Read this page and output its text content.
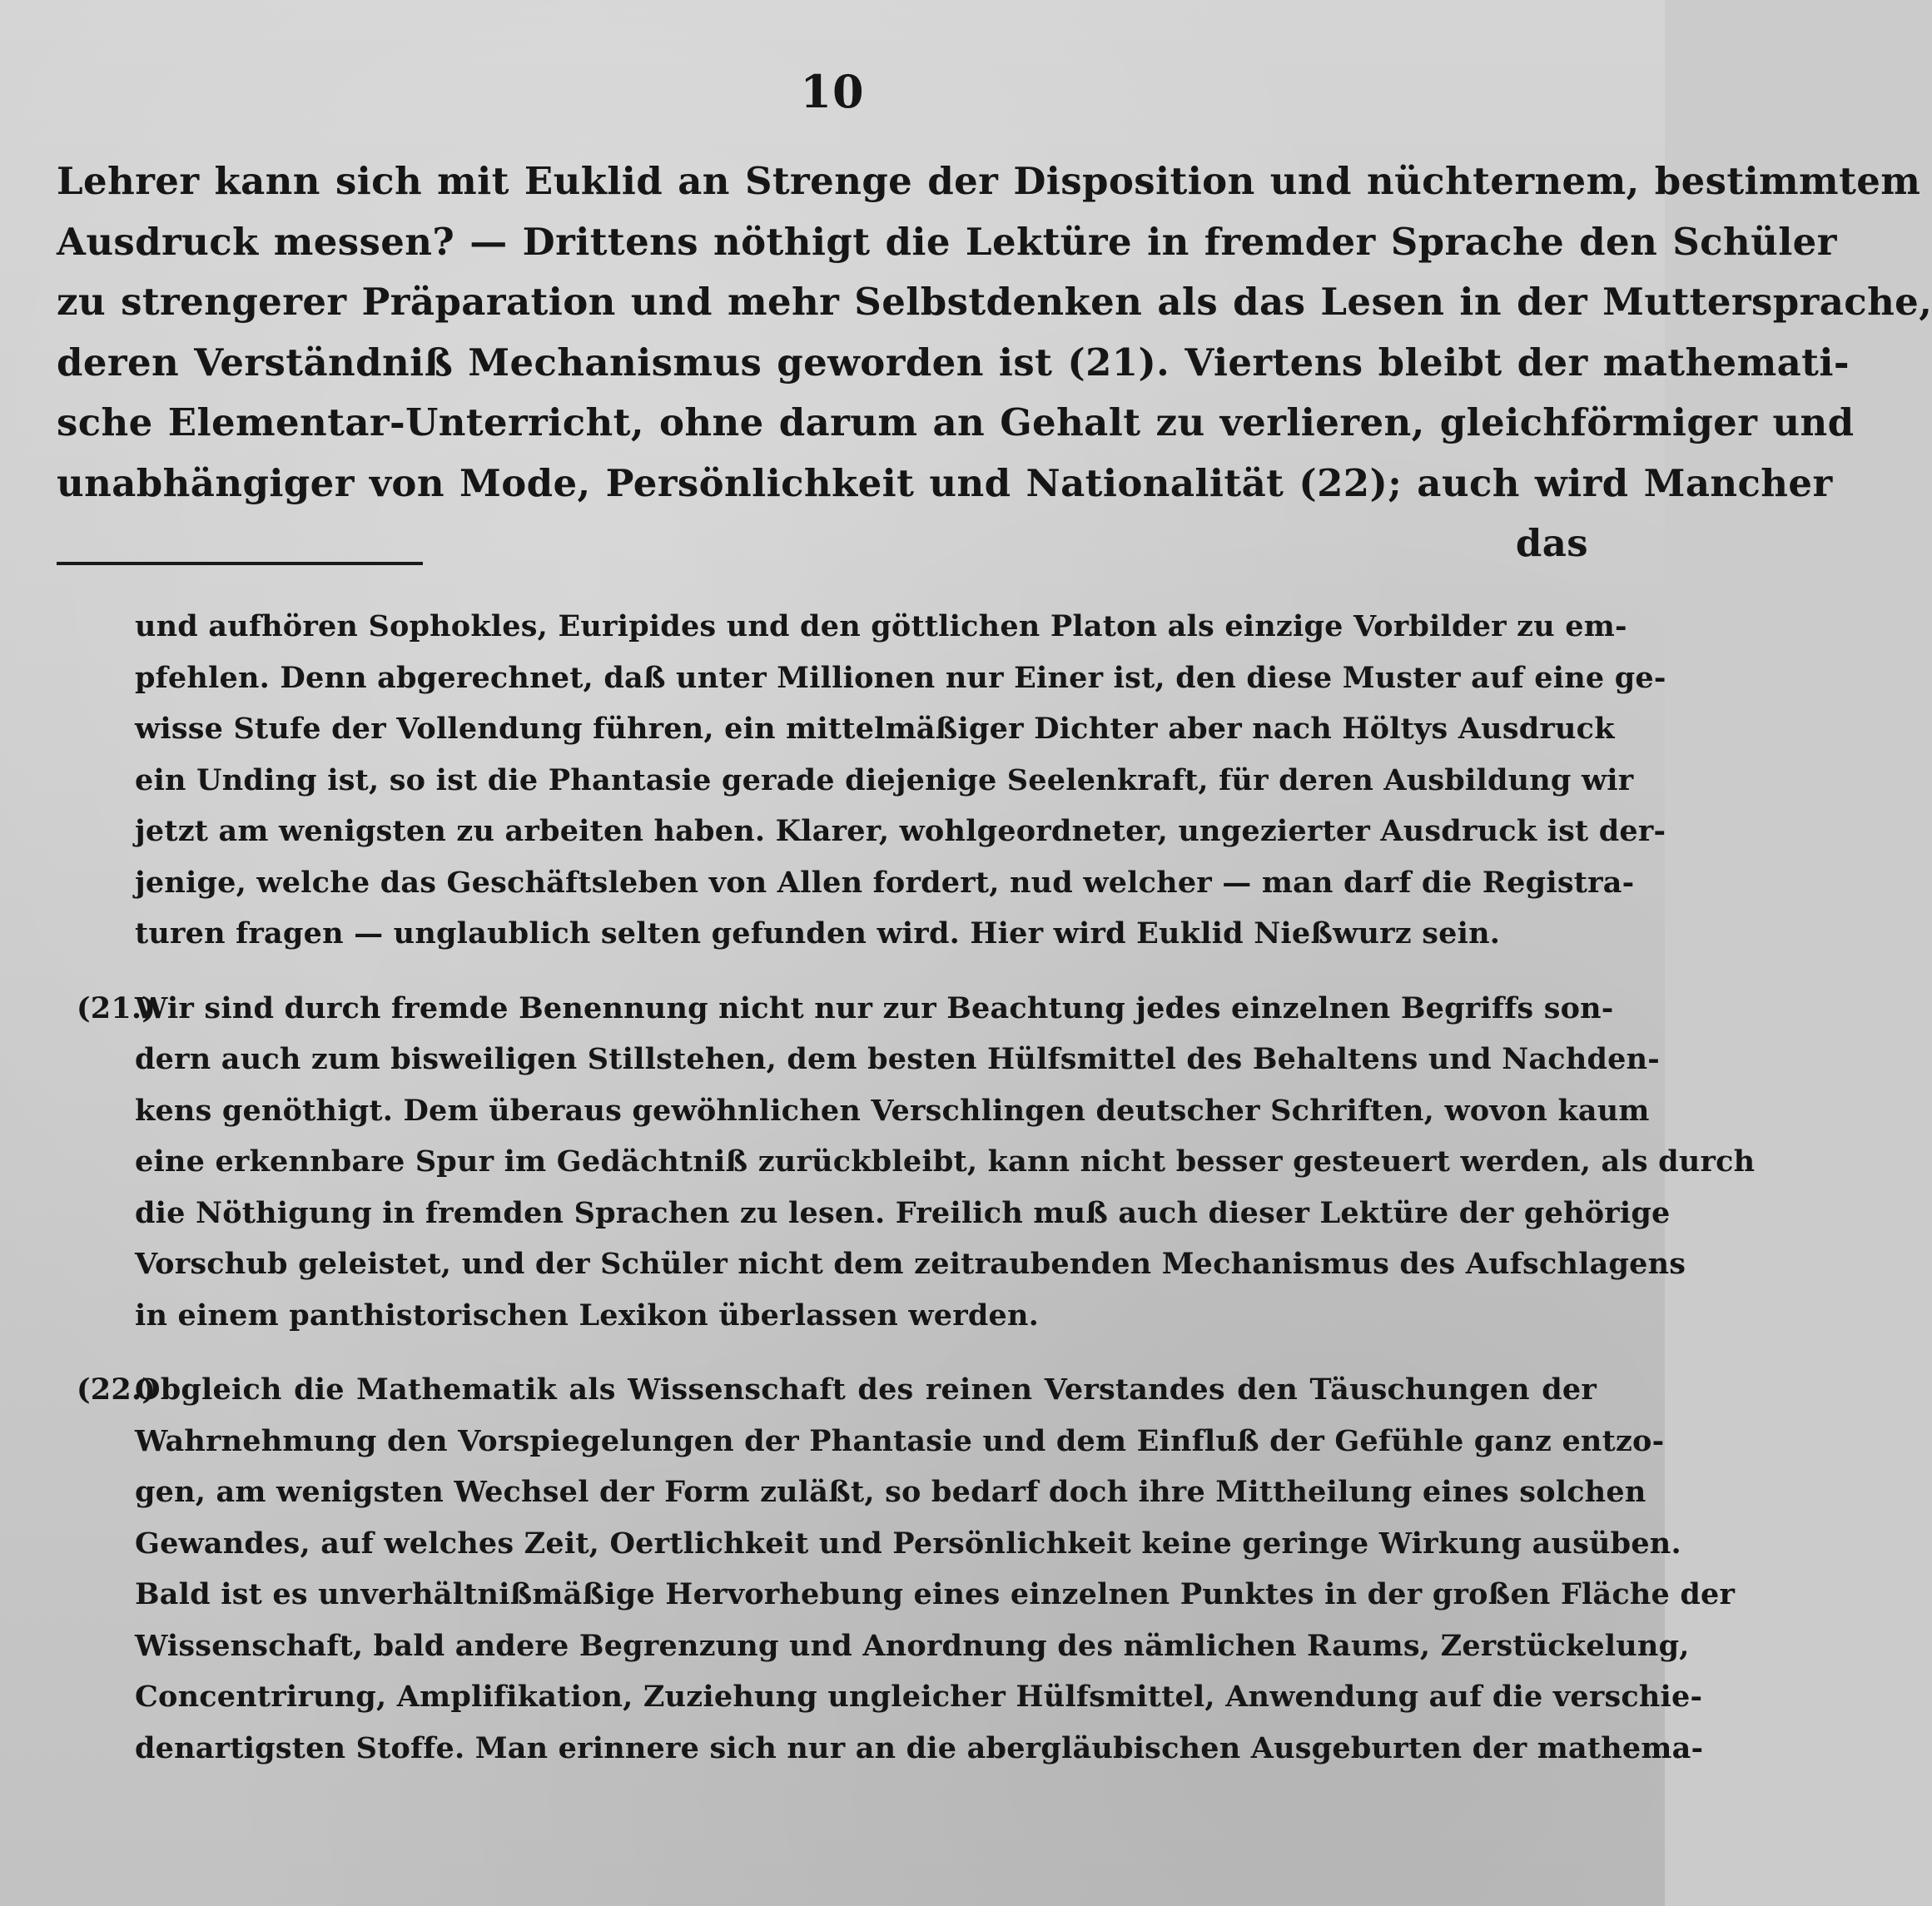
10
Lehrer kann sich mit Euklid an Strenge der Disposition und nüchternem, bestimmtem
Ausdruck messen? — Drittens nöthigt die Lektüre in fremder Sprache den Schüler
zu strengerer Präparation und mehr Selbstdenken als das Lesen in der Muttersprache,
deren Verständniß Mechanismus geworden ist (21). Viertens bleibt der mathemati-
sche Elementar-Unterricht, ohne darum an Gehalt zu verlieren, gleichförmiger und
unabhängiger von Mode, Persönlichkeit und Nationalität (22); auch wird Mancher
das
und aufhören Sophokles, Euripides und den göttlichen Platon als einzige Vorbilder zu em-
pfehlen. Denn abgerechnet, daß unter Millionen nur Einer ist, den diese Muster auf eine ge-
wisse Stufe der Vollendung führen, ein mittelmäßiger Dichter aber nach Höltys Ausdruck
ein Unding ist, so ist die Phantasie gerade diejenige Seelenkraft, für deren Ausbildung wir
jetzt am wenigsten zu arbeiten haben. Klarer, wohlgeordneter, ungezierter Ausdruck ist der-
jenige, welche das Geschäftsleben von Allen fordert, nud welcher — man darf die Registra-
turen fragen — unglaublich selten gefunden wird. Hier wird Euklid Nießwurz sein.
(21.)Wir sind durch fremde Benennung nicht nur zur Beachtung jedes einzelnen Begriffs son-
dern auch zum bisweiligen Stillstehen, dem besten Hülfsmittel des Behaltens und Nachden-
kens genöthigt. Dem überaus gewöhnlichen Verschlingen deutscher Schriften, wovon kaum
eine erkennbare Spur im Gedächtniß zurückbleibt, kann nicht besser gesteuert werden, als durch
die Nöthigung in fremden Sprachen zu lesen. Freilich muß auch dieser Lektüre der gehörige
Vorschub geleistet, und der Schüler nicht dem zeitraubenden Mechanismus des Aufschlagens
in einem panthistorischen Lexikon überlassen werden.
(22.)Obgleich die Mathematik als Wissenschaft des reinen Verstandes den Täuschungen der
Wahrnehmung den Vorspiegelungen der Phantasie und dem Einfluß der Gefühle ganz entzo-
gen, am wenigsten Wechsel der Form zuläßt, so bedarf doch ihre Mittheilung eines solchen
Gewandes, auf welches Zeit, Oertlichkeit und Persönlichkeit keine geringe Wirkung ausüben.
Bald ist es unverhältnißmäßige Hervorhebung eines einzelnen Punktes in der großen Fläche der
Wissenschaft, bald andere Begrenzung und Anordnung des nämlichen Raums, Zerstückelung,
Concentrirung, Amplifikation, Zuziehung ungleicher Hülfsmittel, Anwendung auf die verschie-
denartigsten Stoffe. Man erinnere sich nur an die abergläubischen Ausgeburten der mathema-
